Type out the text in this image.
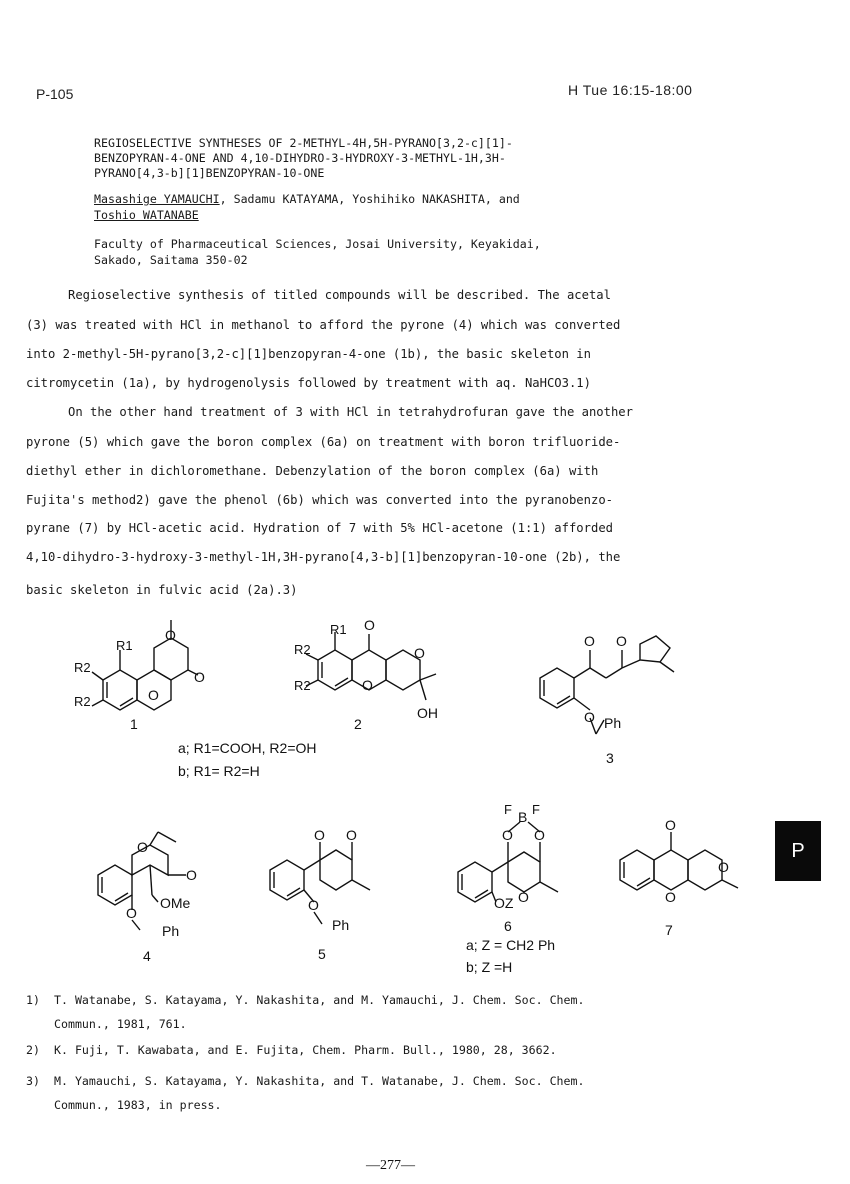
P-105	H Tue 16:15-18:00
REGIOSELECTIVE SYNTHESES OF 2-METHYL-4H,5H-PYRANO[3,2-c][1]-
BENZOPYRAN-4-ONE AND 4,10-DIHYDRO-3-HYDROXY-3-METHYL-1H,3H-
PYRANO[4,3-b][1]BENZOPYRAN-10-ONE
Masashige YAMAUCHI, Sadamu KATAYAMA, Yoshihiko NAKASHITA, and
Toshio WATANABE
Faculty of Pharmaceutical Sciences, Josai University, Keyakidai,
Sakado, Saitama 350-02
Regioselective synthesis of titled compounds will be described. The acetal
(3) was treated with HCl in methanol to afford the pyrone (4) which was converted
into 2-methyl-5H-pyrano[3,2-c][1]benzopyran-4-one (1b), the basic skeleton in
citromycetin (1a), by hydrogenolysis followed by treatment with aq. NaHCO3.1)
On the other hand treatment of 3 with HCl in tetrahydrofuran gave the another
pyrone (5) which gave the boron complex (6a) on treatment with boron trifluoride-
diethyl ether in dichloromethane. Debenzylation of the boron complex (6a) with
Fujita's method2) gave the phenol (6b) which was converted into the pyranobenzo-
pyrane (7) by HCl-acetic acid. Hydration of 7 with 5% HCl-acetone (1:1) afforded
4,10-dihydro-3-hydroxy-3-methyl-1H,3H-pyrano[4,3-b][1]benzopyran-10-one (2b), the
basic skeleton in fulvic acid (2a).3)
R1
R2
R2
O
O
O
R1
R2
R2
O
O
O
OH
O O
O Ph
O
O
O
OMe
Ph
O O
O
Ph
O O
B
F F
OZ O
O
O
O
1	2
3
a; R1=COOH, R2=OH
b; R1= R2=H
4	5
6	7
a; Z = CH2 Ph
b; Z =H
P
1) T. Watanabe, S. Katayama, Y. Nakashita, and M. Yamauchi, J. Chem. Soc. Chem.
Commun., 1981, 761.
2) K. Fuji, T. Kawabata, and E. Fujita, Chem. Pharm. Bull., 1980, 28, 3662.
3) M. Yamauchi, S. Katayama, Y. Nakashita, and T. Watanabe, J. Chem. Soc. Chem.
Commun., 1983, in press.
—277—
